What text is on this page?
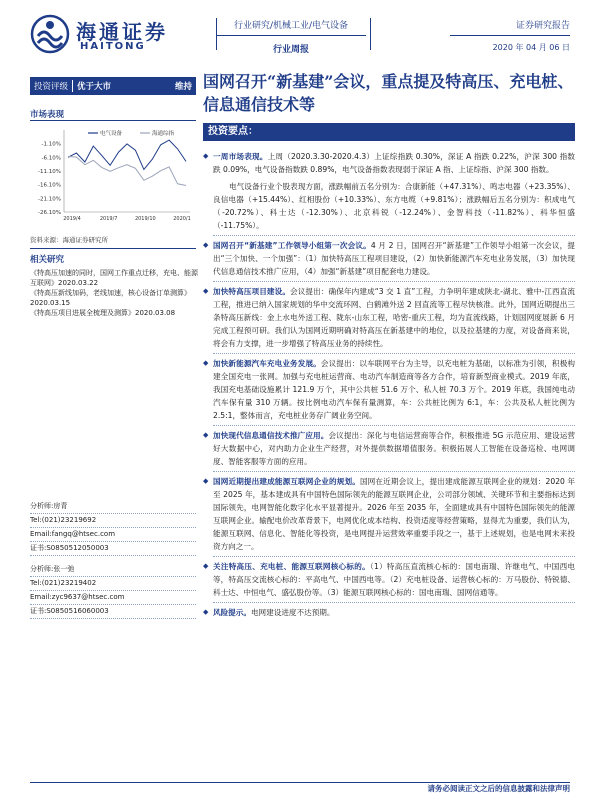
海通证券
HAITONG
行业研究/机械工业/电气设备
行业周报
证券研究报告
2020 年 04 月 06 日
投资评级	优于大市	维持 国网召开“新基建”会议，重点提及特高压、充电桩、信息通信技术等
市场表现
-1.10%
-6.10%
-11.10%
-16.10%
-21.10%
-26.10%
2019/4	2019/7	2019/10	2020/1
电气设备	海通综指
资料来源：海通证券研究所
相关研究

《特高压加速的同时，国网工作重点迁移，充电、能源互联网》2020.03.22

《特高压新线加码，老线加速，核心设备订单测算》2020.03.15

《特高压项目进展全梳理及测算》2020.03.08

分析师:房青
Tel:(021)23219692
Email:fangq@htsec.com
证书:S0850512050003
分析师:张一弛
Tel:(021)23219402
Email:zyc9637@htsec.com
证书:S0850516060003
投资要点：

◆ 一周市场表现。上周（2020.3.30-2020.4.3）上证综指跌 0.30%，深证 A 指跌 0.22%，沪深 300 指数跌 0.09%，电气设备指数跌 0.89%，电气设备指数表现弱于深证 A 指、上证综指、沪深 300 指数。

电气设备行业个股表现方面，涨跌幅前五名分别为：合康新能（+47.31%）、鸣志电器（+23.35%）、良信电器（+15.44%）、红相股份（+10.33%）、东方电缆（+9.81%）；涨跌幅后五名分别为：积成电气（-20.72%）、科士达（-12.30%）、北京科锐（-12.24%）、金智科技（-11.82%）、科华恒盛（-11.75%）。

◆ 国网召开“新基建”工作领导小组第一次会议。4 月 2 日，国网召开“新基建”工作领导小组第一次会议，提出“三个加快、一个加强”：（1）加快特高压工程项目建设，（2）加快新能源汽车充电业务发展，（3）加快现代信息通信技术推广应用，（4）加强“新基建”项目配套电力建设。

◆ 加快特高压项目建设。会议提出：确保年内建成“3 交 1 直”工程，力争明年建成陕北-湖北、雅中-江西直流工程，推进已纳入国家规划的华中交流环网、白鹤滩外送 2 回直流等工程尽快核准。此外，国网近期提出三条特高压新线：金上水电外送工程、陇东-山东工程，哈密-重庆工程，均为直流线路，计划国网度展新 6 月完成工程预可研。我们认为国网近期明确对特高压在新基建中的地位，以及拉基建的力度，对设备商来说，将会有力支撑，进一步增强了特高压业务的持续性。

◆ 加快新能源汽车充电业务发展。会议提出：以车联网平台为主导，以充电桩为基础，以标准为引领，积极构建全国充电一张网。加强与充电桩运营商、电动汽车制造商等各方合作，培育新型商业模式。2019 年底，我国充电基础设施累计 121.9 万个，其中公共桩 51.6 万个、私人桩 70.3 万个。2019 年底，我国纯电动汽车保有量 310 万辆。按比例电动汽车保有量测算，车：公共桩比例为 6:1，车：公共及私人桩比例为 2.5:1，整体而言，充电桩业务存广阔业务空间。

◆ 加快现代信息通信技术推广应用。会议提出：深化与电信运营商等合作，积极推进 5G 示范应用、建设运营好大数据中心，对内助力企业生产经营，对外提供数据增值服务。积极拓展人工智能在设备巡检、电网调度、智能客服等方面的应用。

◆ 国网近期提出建成能源互联网企业的规划。国网在近期会议上，提出建成能源互联网企业的规划：2020 年至 2025 年，基本建成具有中国特色国际领先的能源互联网企业，公司部分领域、关键环节和主要指标达到国际领先，电网智能化数字化水平显著提升。2026 年至 2035 年，全面建成具有中国特色国际领先的能源互联网企业。输配电价改革背景下，电网优化成本结构、投资适度等经营策略，显得尤为重要，我们认为，能源互联网、信息化、智能化等投资，是电网提升运营效率重要手段之一，基于上述规划，也是电网未来投资方向之一。

◆ 关注特高压、充电桩、能源互联网核心标的。（1）特高压直流核心标的：国电南瑞、许继电气、中国西电等，特高压交流核心标的：平高电气、中国西电等。（2）充电桩设备、运营核心标的：万马股份、特锐德、科士达、中恒电气、盛弘股份等。（3）能源互联网核心标的：国电南瑞、国网信通等。

◆ 风险提示。电网建设进度不达预期。

请务必阅读正文之后的信息披露和法律声明
